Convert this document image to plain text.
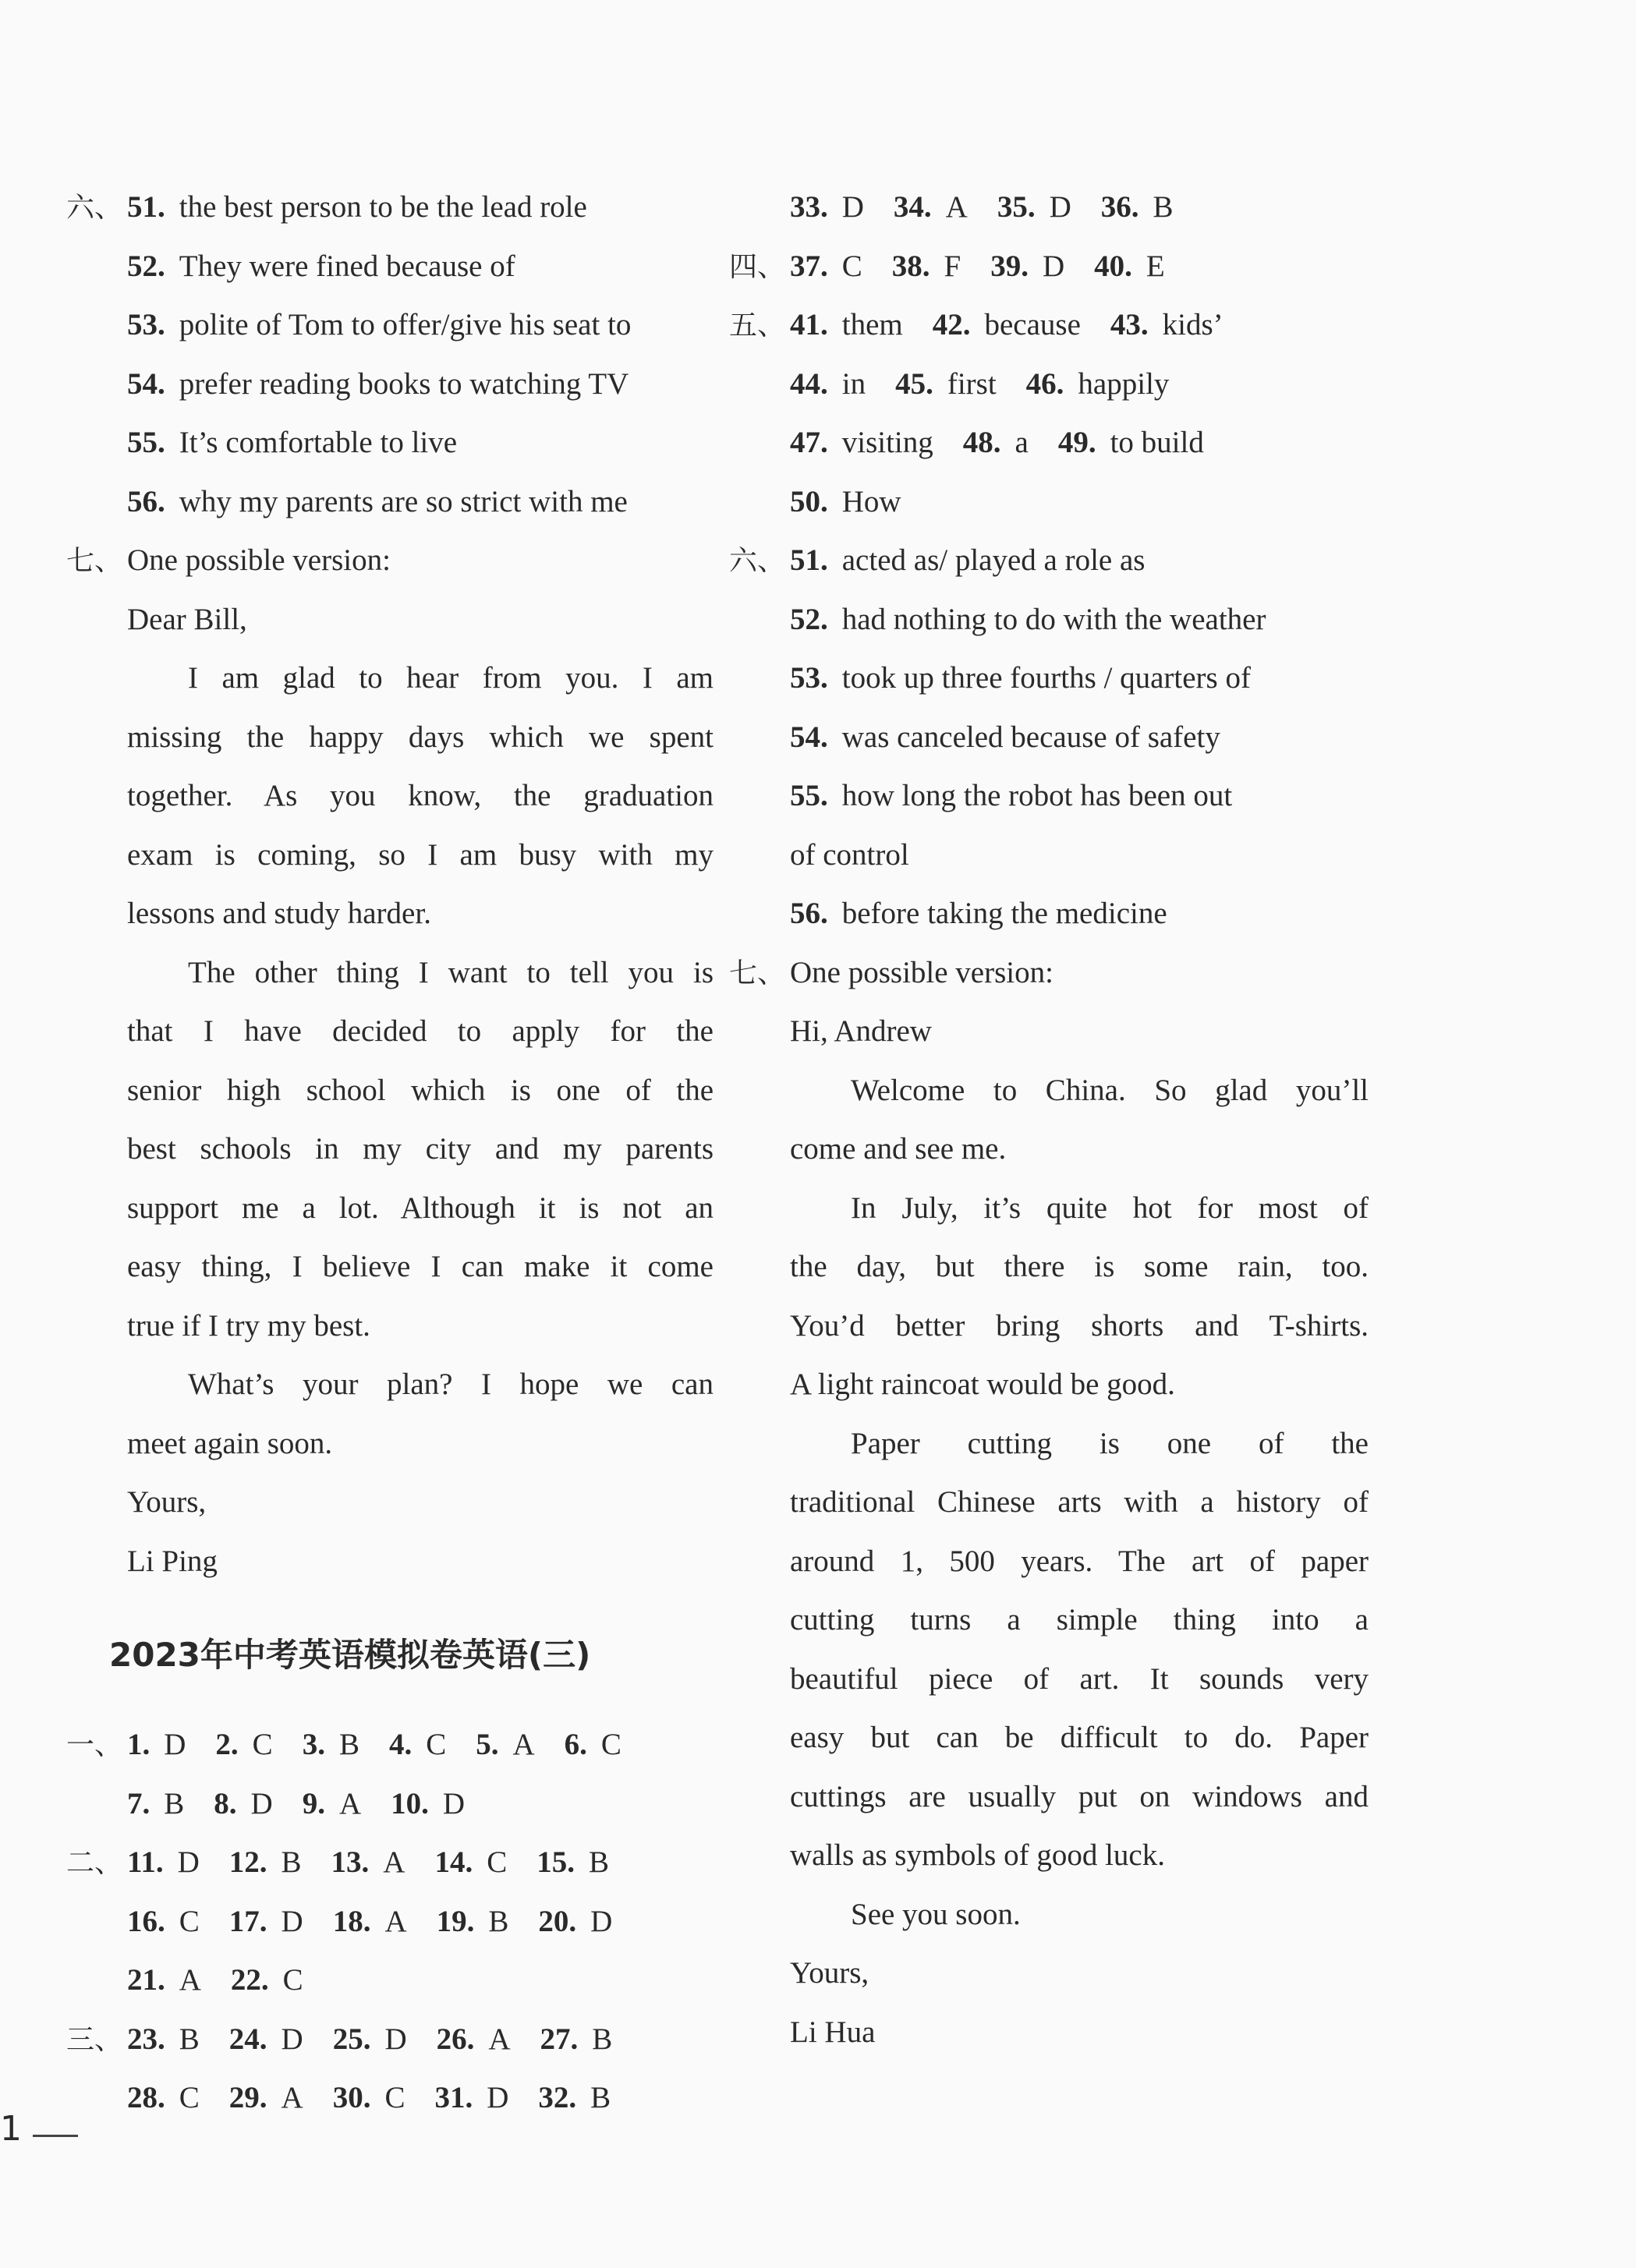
六、 51. the best person to be the lead role
52. They were fined because of
53. polite of Tom to offer/give his seat to
54. prefer reading books to watching TV
55. It’s comfortable to live
56. why my parents are so strict with me
七、 One possible version:
Dear Bill,
I am glad to hear from you. I am
missing the happy days which we spent
together. As you know, the graduation
exam is coming, so I am busy with my
lessons and study harder.
The other thing I want to tell you is
that I have decided to apply for the
senior high school which is one of the
best schools in my city and my parents
support me a lot. Although it is not an
easy thing, I believe I can make it come
true if I try my best.
What’s your plan? I hope we can
meet again soon.
Yours,
Li Ping
33. D 34. A 35. D 36. B
四、 37. C 38. F 39. D 40. E
五、 41. them 42. because 43. kids’
44. in 45. first 46. happily
47. visiting 48. a 49. to build
50. How
六、 51. acted as/ played a role as
52. had nothing to do with the weather
53. took up three fourths / quarters of
54. was canceled because of safety
55. how long the robot has been out
of control
56. before taking the medicine
七、 One possible version:
Hi, Andrew
Welcome to China. So glad you’ll
come and see me.
In July, it’s quite hot for most of
the day, but there is some rain, too.
You’d better bring shorts and T-shirts.
A light raincoat would be good.
Paper cutting is one of the
traditional Chinese arts with a history of
around 1, 500 years. The art of paper
cutting turns a simple thing into a
beautiful piece of art. It sounds very
easy but can be difficult to do. Paper
cuttings are usually put on windows and
walls as symbols of good luck.
See you soon.
Yours,
Li Hua
1
2023年中考英语模拟卷英语(三)
一、 1. D 2. C 3. B 4. C 5. A 6. C
7. B 8. D 9. A 10. D
二、 11. D 12. B 13. A 14. C 15. B
16. C 17. D 18. A 19. B 20. D
21. A 22. C
三、 23. B 24. D 25. D 26. A 27. B
28. C 29. A 30. C 31. D 32. B
